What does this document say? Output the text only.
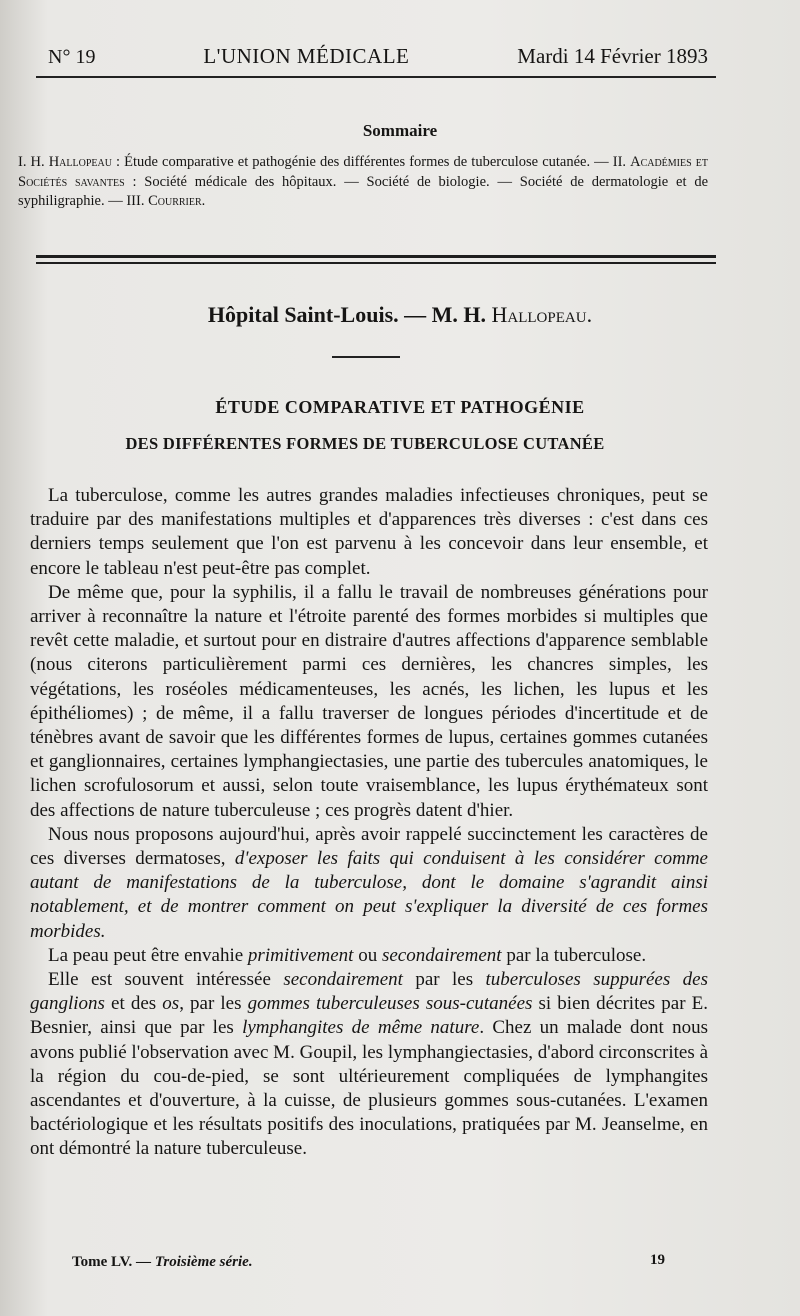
N° 19	L'UNION MÉDICALE	Mardi 14 Février 1893
Sommaire
I. H. Hallopeau : Étude comparative et pathogénie des différentes formes de tuberculose cutanée. — II. Académies et Sociétés savantes : Société médicale des hôpitaux. — Société de biologie. — Société de dermatologie et de syphiligraphie. — III. Courrier.
Hôpital Saint-Louis. — M. H. Hallopeau.
ÉTUDE COMPARATIVE ET PATHOGÉNIE
DES DIFFÉRENTES FORMES DE TUBERCULOSE CUTANÉE

La tuberculose, comme les autres grandes maladies infectieuses chroniques, peut se traduire par des manifestations multiples et d'apparences très diverses : c'est dans ces derniers temps seulement que l'on est parvenu à les concevoir dans leur ensemble, et encore le tableau n'est peut-être pas complet.

De même que, pour la syphilis, il a fallu le travail de nombreuses générations pour arriver à reconnaître la nature et l'étroite parenté des formes morbides si multiples que revêt cette maladie, et surtout pour en distraire d'autres affections d'apparence semblable (nous citerons particulièrement parmi ces dernières, les chancres simples, les végétations, les roséoles médicamenteuses, les acnés, les lichen, les lupus et les épithéliomes) ; de même, il a fallu traverser de longues périodes d'incertitude et de ténèbres avant de savoir que les différentes formes de lupus, certaines gommes cutanées et ganglionnaires, certaines lymphangiectasies, une partie des tubercules anatomiques, le lichen scrofulosorum et aussi, selon toute vraisemblance, les lupus érythémateux sont des affections de nature tuberculeuse ; ces progrès datent d'hier.

Nous nous proposons aujourd'hui, après avoir rappelé succinctement les caractères de ces diverses dermatoses, d'exposer les faits qui conduisent à les considérer comme autant de manifestations de la tuberculose, dont le domaine s'agrandit ainsi notablement, et de montrer comment on peut s'expliquer la diversité de ces formes morbides.

La peau peut être envahie primitivement ou secondairement par la tuberculose.

Elle est souvent intéressée secondairement par les tuberculoses suppurées des ganglions et des os, par les gommes tuberculeuses sous-cutanées si bien décrites par E. Besnier, ainsi que par les lymphangites de même nature. Chez un malade dont nous avons publié l'observation avec M. Goupil, les lymphangiectasies, d'abord circonscrites à la région du cou-de-pied, se sont ultérieurement compliquées de lymphangites ascendantes et d'ouverture, à la cuisse, de plusieurs gommes sous-cutanées. L'examen bactériologique et les résultats positifs des inoculations, pratiquées par M. Jeanselme, en ont démontré la nature tuberculeuse.

Tome LV. — Troisième série.	19
